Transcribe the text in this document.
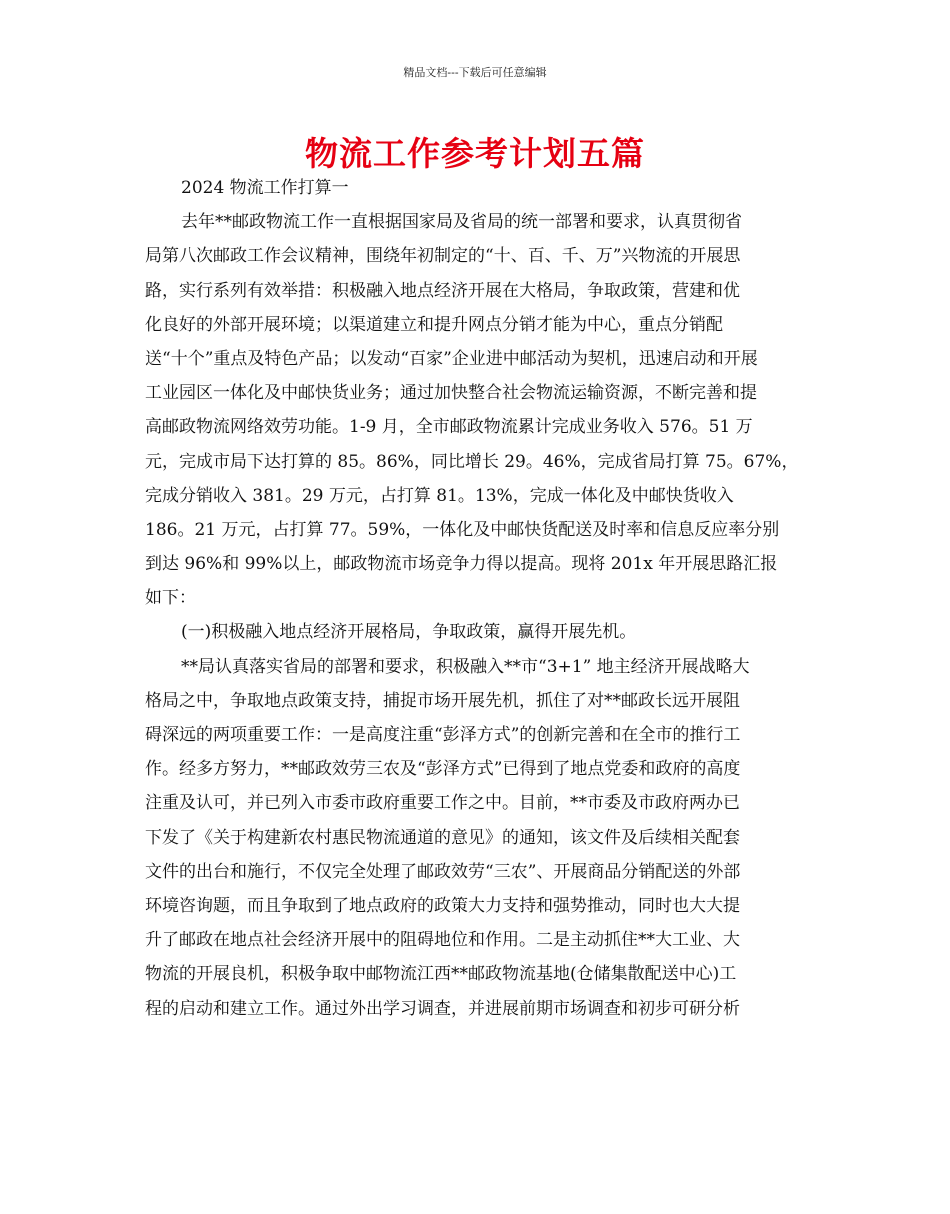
精品文档---下载后可任意编辑
物流工作参考计划五篇
2024 物流工作打算一
去年**邮政物流工作一直根据国家局及省局的统一部署和要求，认真贯彻省
局第八次邮政工作会议精神，围绕年初制定的“十、百、千、万”兴物流的开展思
路，实行系列有效举措：积极融入地点经济开展在大格局，争取政策，营建和优
化良好的外部开展环境；以渠道建立和提升网点分销才能为中心，重点分销配
送“十个”重点及特色产品；以发动“百家”企业进中邮活动为契机，迅速启动和开展
工业园区一体化及中邮快货业务；通过加快整合社会物流运输资源，不断完善和提
高邮政物流网络效劳功能。1-9 月，全市邮政物流累计完成业务收入 576。51 万
元，完成市局下达打算的 85。86%，同比增长 29。46%，完成省局打算 75。67%，
完成分销收入 381。29 万元，占打算 81。13%，完成一体化及中邮快货收入
186。21 万元，占打算 77。59%，一体化及中邮快货配送及时率和信息反应率分别
到达 96%和 99%以上，邮政物流市场竞争力得以提高。现将 201x 年开展思路汇报
如下：
(一)积极融入地点经济开展格局，争取政策，赢得开展先机。
**局认真落实省局的部署和要求，积极融入**市“3+1” 地主经济开展战略大
格局之中，争取地点政策支持，捕捉市场开展先机，抓住了对**邮政长远开展阻
碍深远的两项重要工作：一是高度注重“彭泽方式”的创新完善和在全市的推行工
作。经多方努力，**邮政效劳三农及“彭泽方式”已得到了地点党委和政府的高度
注重及认可，并已列入市委市政府重要工作之中。目前，**市委及市政府两办已
下发了《关于构建新农村惠民物流通道的意见》的通知，该文件及后续相关配套
文件的出台和施行，不仅完全处理了邮政效劳“三农”、开展商品分销配送的外部
环境咨询题，而且争取到了地点政府的政策大力支持和强势推动，同时也大大提
升了邮政在地点社会经济开展中的阻碍地位和作用。二是主动抓住**大工业、大
物流的开展良机，积极争取中邮物流江西**邮政物流基地(仓储集散配送中心)工
程的启动和建立工作。通过外出学习调查，并进展前期市场调查和初步可研分析
